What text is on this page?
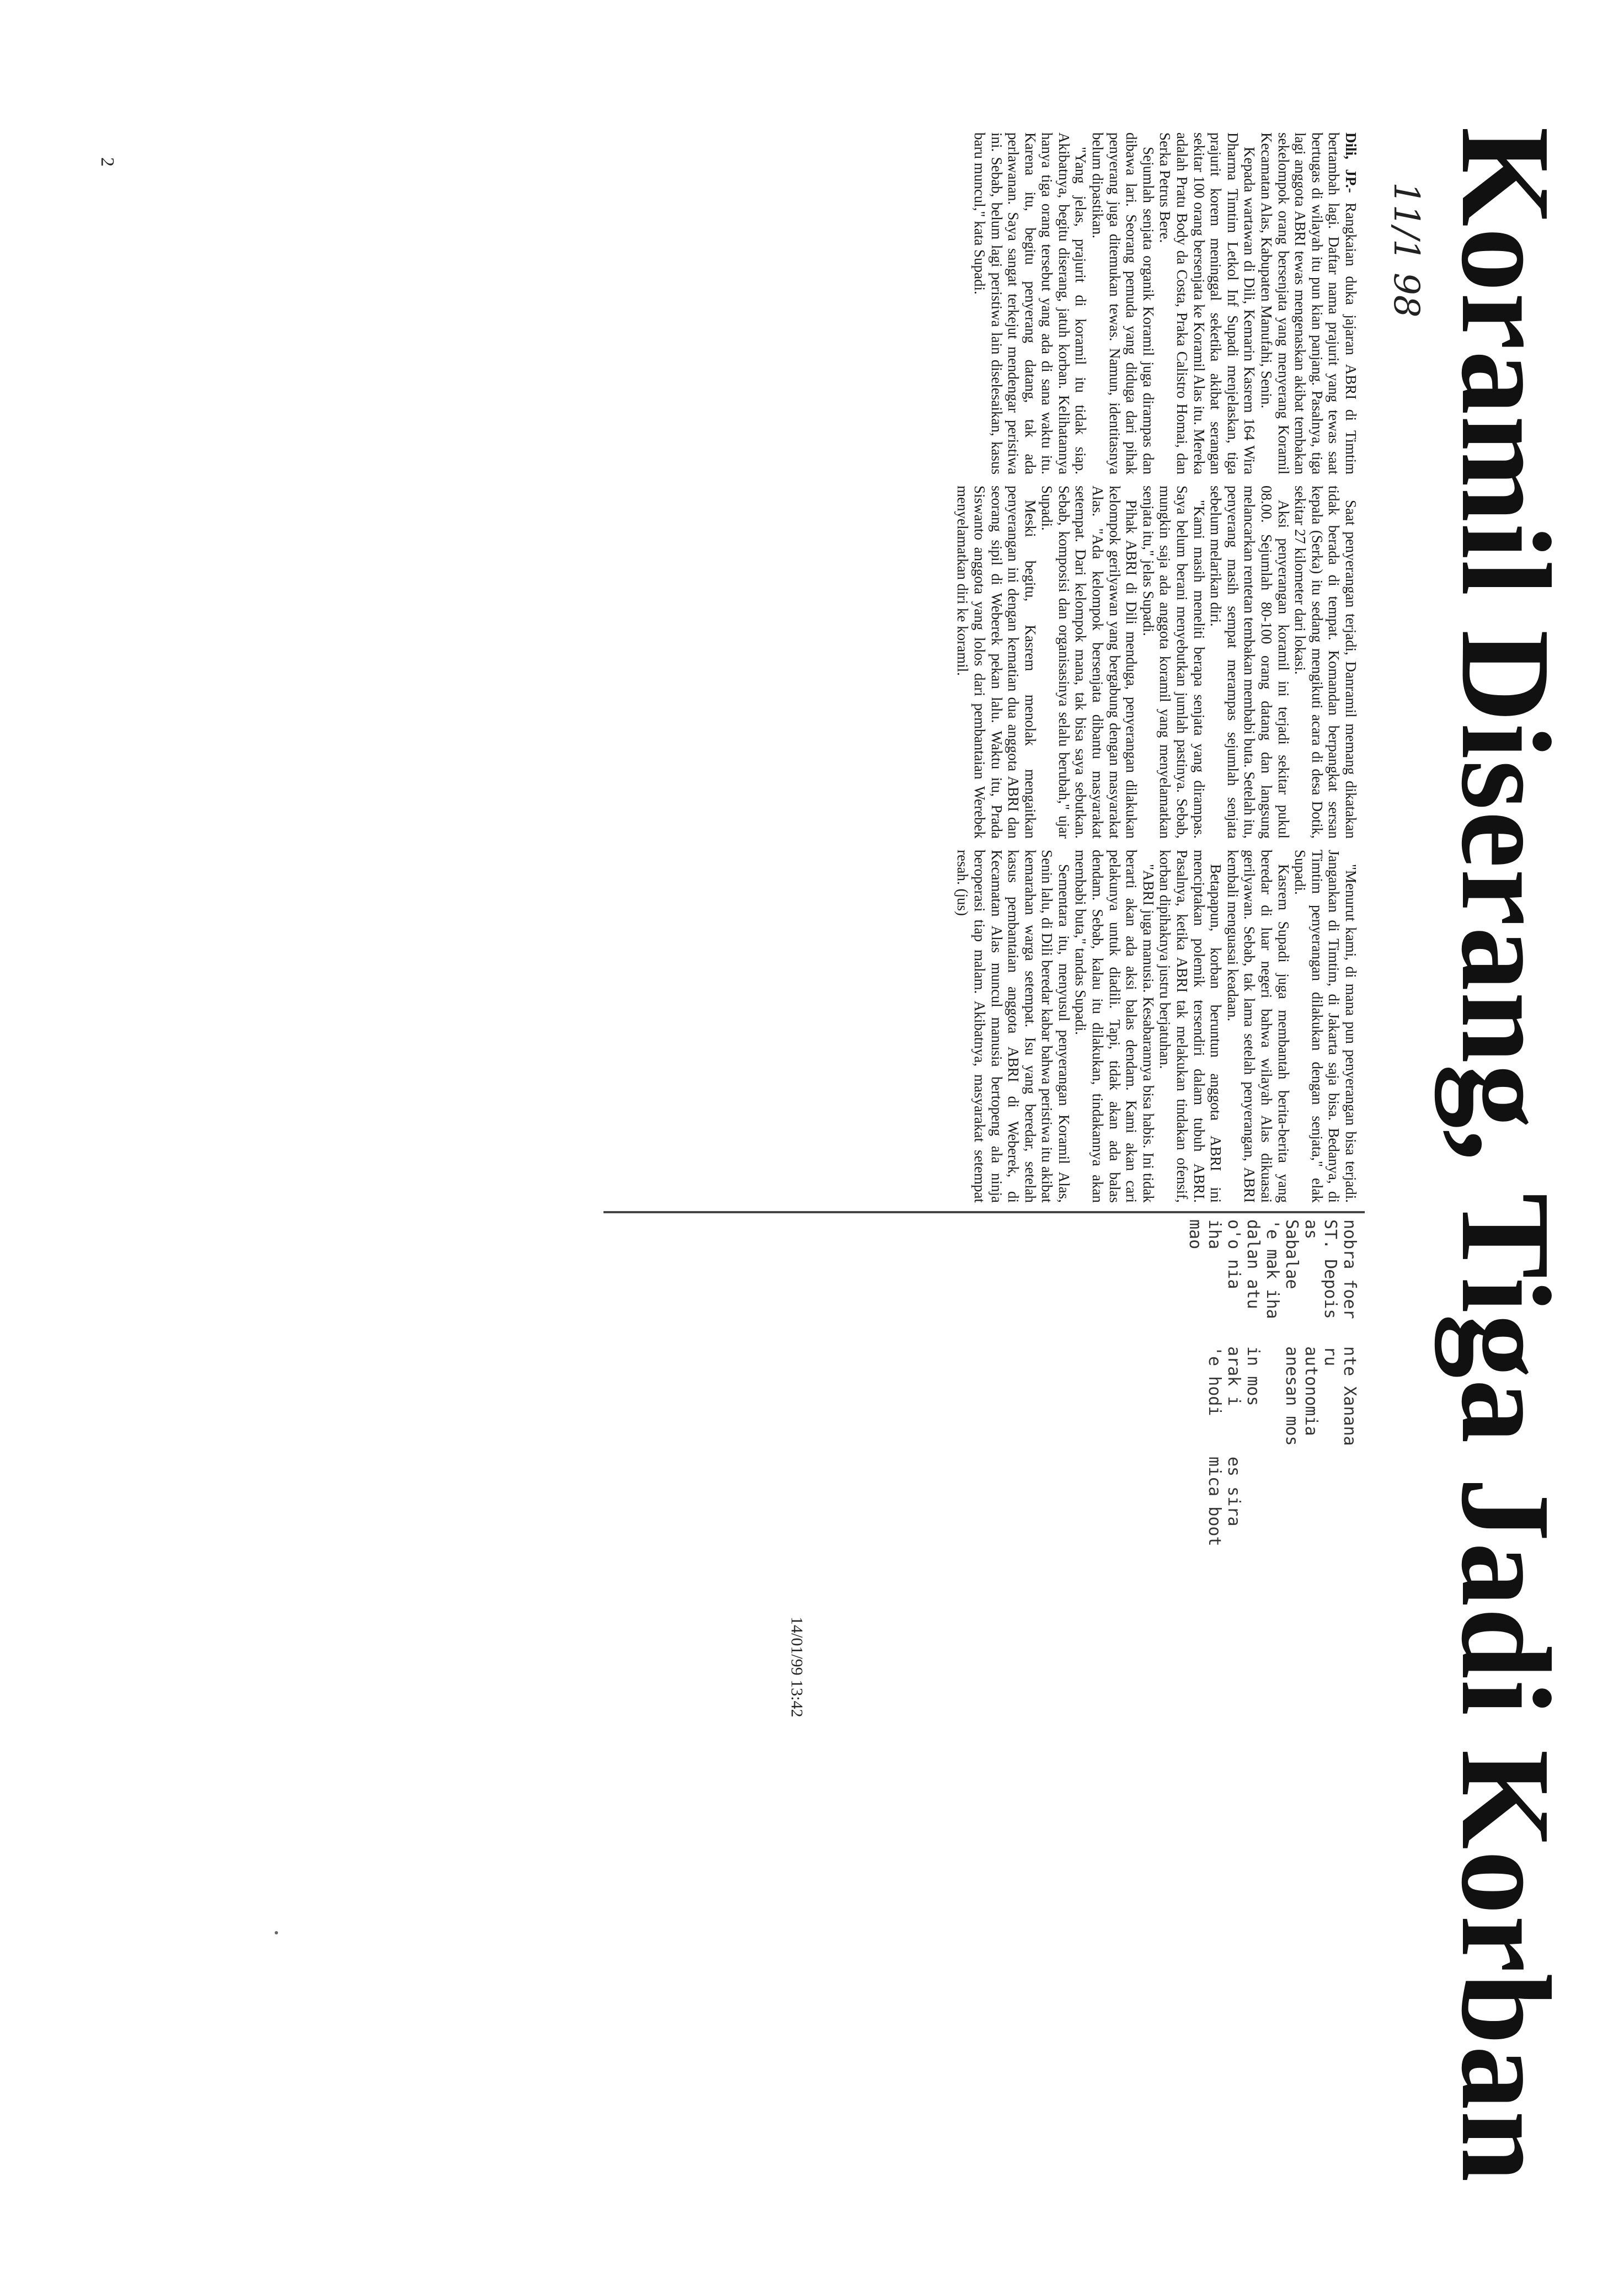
Koramil Diserang, Tiga Jadi Korban
11/1 98
2	Dili, JP.- Rangkaian duka jajaran ABRI di Timtim bertambah lagi. Daftar nama prajurit yang tewas saat bertugas di wilayah itu pun kian panjang. Pasalnya, tiga lagi anggota ABRI tewas mengenaskan akibat tembakan sekelompok orang bersenjata yang menyerang Koramil Kecamatan Alas, Kabupaten Manufahi, Senin.

Kepada wartawan di Dili, Kemarin Kasrem 164 Wira Dharma Timtim Letkol Inf Supadi menjelaskan, tiga prajurit korem meninggal seketika akibat serangan sekitar 100 orang bersenjata ke Koramil Alas itu. Mereka adalah Pratu Body da Costa, Praka Calistro Homai, dan Serka Petrus Bere.

Sejumlah senjata organik Koramil juga dirampas dan dibawa lari. Seorang pemuda yang diduga dari pihak penyerang juga ditemukan tewas. Namun, identitasnya belum dipastikan.

"Yang jelas, prajurit di koramil itu tidak siap. Akibatnya, begitu diserang, jatuh korban. Kelihatannya hanya tiga orang tersebut yang ada di sana waktu itu. Karena itu, begitu penyerang datang, tak ada perlawanan. Saya sangat terkejut mendengar peristiwa ini. Sebab, belum lagi peristiwa lain diselesaikan, kasus baru muncul," kata Supadi.

Saat penyerangan terjadi, Danramil memang dikatakan tidak berada di tempat. Komandan berpangkat sersan kepala (Serka) itu sedang mengikuti acara di desa Dotik, sekitar 27 kilometer dari lokasi.

Aksi penyerangan koramil ini terjadi sekitar pukul 08.00. Sejumlah 80-100 orang datang dan langsung melancarkan rentetan tembakan membabi buta. Setelah itu, penyerang masih sempat merampas sejumlah senjata sebelum melarikan diri.

"Kami masih meneliti berapa senjata yang dirampas. Saya belum berani menyebutkan jumlah pastinya. Sebab, mungkin saja ada anggota koramil yang menyelamatkan senjata itu," jelas Supadi.

Pihak ABRI di Dili menduga, penyerangan dilakukan kelompok gerilyawan yang bergabung dengan masyarakat Alas. "Ada kelompok bersenjata dibantu masyarakat setempat. Dari kelompok mana, tak bisa saya sebutkan. Sebab, komposisi dan organisasinya selalu berubah," ujar Supadi.

Meski begitu, Kasrem menolak mengaitkan penyerangan ini dengan kematian dua anggota ABRI dan seorang sipil di Weberek pekan lalu. Waktu itu, Prada Siswanto anggota yang lolos dari pembantaian Werebek menyelamatkan diri ke koramil.

"Menurut kami, di mana pun penyerangan bisa terjadi. Jangankan di Timtim, di Jakarta saja bisa. Bedanya, di Timtim penyerangan dilakukan dengan senjata," elak Supadi.

Kasrem Supadi juga membantah berita-berita yang beredar di luar negeri bahwa wilayah Alas dikuasai gerilyawan. Sebab, tak lama setelah penyerangan, ABRI kembali menguasai keadaan.

Betapapun, korban beruntun anggota ABRI ini menciptakan polemik tersendiri dalam tubuh ABRI. Pasalnya, ketika ABRI tak melakukan tindakan ofensif, korban dipihaknya justru berjatuhan.

"ABRI juga manusia. Kesabarannya bisa habis. Ini tidak berarti akan ada aksi balas dendam. Kami akan cari pelakunya untuk diadili. Tapi, tidak akan ada balas dendam. Sebab, kalau itu dilakukan, tindakannya akan membabi buta," tandas Supadi.

Sementara itu, menyusul penyerangan Koramil Alas, Senin lalu, di Dili beredar kabar bahwa peristiwa itu akibat kemarahan warga setempat. Isu yang beredar, setelah kasus pembantaian anggota ABRI di Weberek, di Kecamatan Alas muncul manusia bertopeng ala ninja beroperasi tiap malam. Akibatnya, masyarakat setempat resah. (jus)

nobra foer
ST. Depois
as
Sabalae
'e mak iha
dalan atu
o'o nia
iha
mao
nte Xanana
ru
autonomia
anesan mos

in mos
arak i
'e hodi

es sira
mica boot
14/01/99 13:42
